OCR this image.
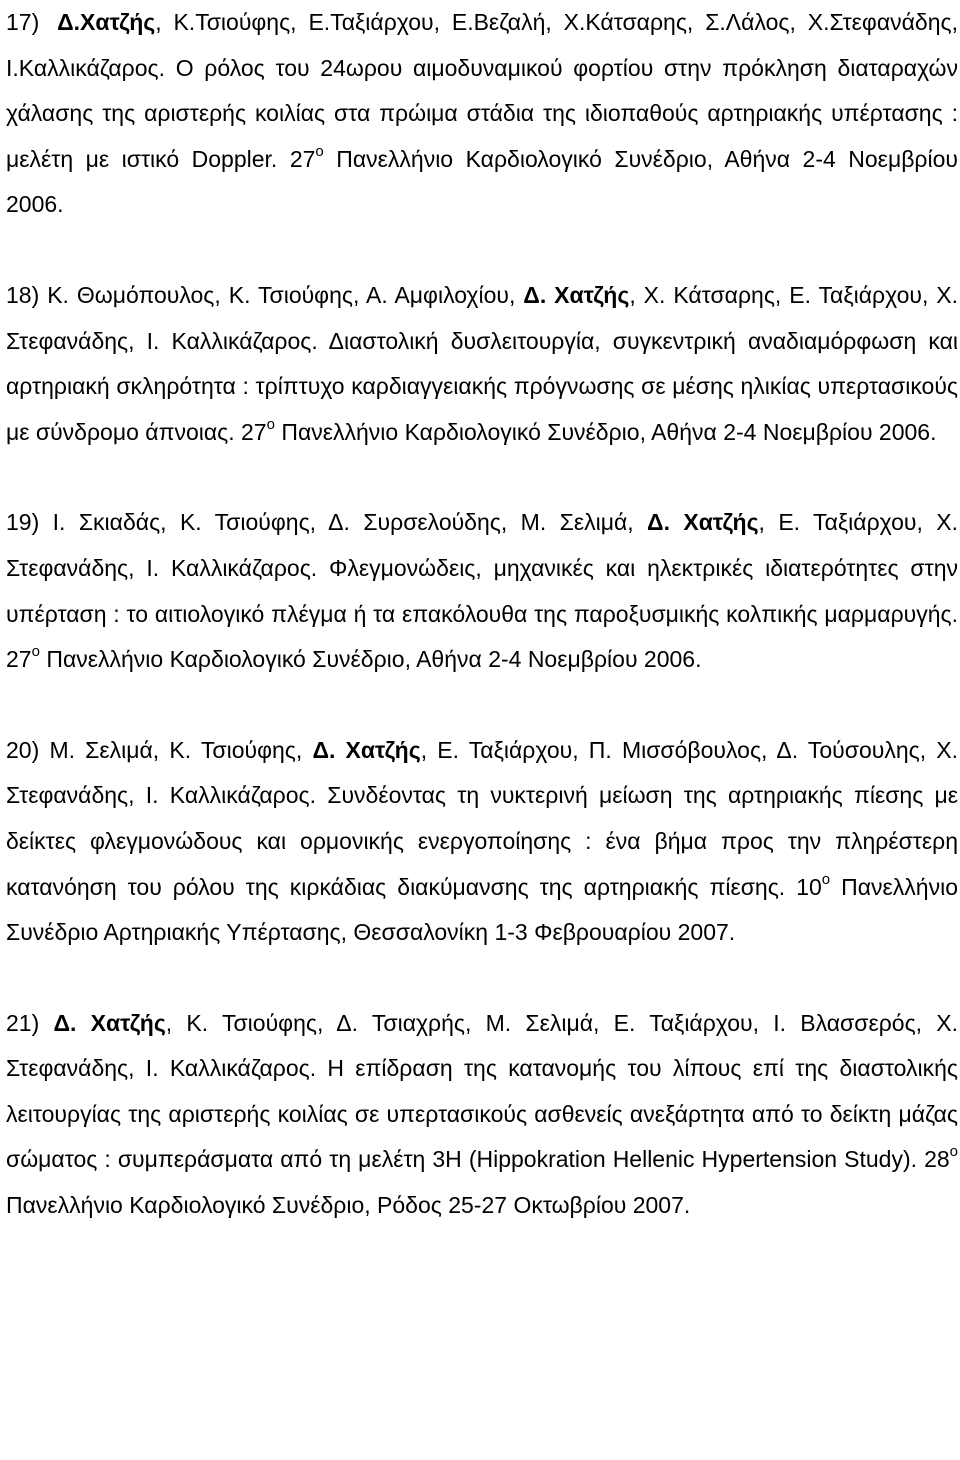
17) Δ.Χατζής, Κ.Τσιούφης, Ε.Ταξιάρχου, Ε.Βεζαλή, Χ.Κάτσαρης, Σ.Λάλος, Χ.Στεφανάδης, Ι.Καλλικάζαρος. Ο ρόλος του 24ωρου αιμοδυναμικού φορτίου στην πρόκληση διαταραχών χάλασης της αριστερής κοιλίας στα πρώιμα στάδια της ιδιοπαθούς αρτηριακής υπέρτασης : μελέτη με ιστικό Doppler. $27^o$ Πανελλήνιο Καρδιολογικό Συνέδριο, Αθήνα 2-4 Νοεμβρίου 2006.

18) Κ. Θωμόπουλος, Κ. Τσιούφης, Α. Αμφιλοχίου, Δ. Χατζής, Χ. Κάτσαρης, Ε. Ταξιάρχου, Χ. Στεφανάδης, Ι. Καλλικάζαρος. Διαστολική δυσλειτουργία, συγκεντρική αναδιαμόρφωση και αρτηριακή σκληρότητα : τρίπτυχο καρδιαγγειακής πρόγνωσης σε μέσης ηλικίας υπερτασικούς με σύνδρομο άπνοιας. $27^o$ Πανελλήνιο Καρδιολογικό Συνέδριο, Αθήνα 2-4 Νοεμβρίου 2006.

19) Ι. Σκιαδάς, Κ. Τσιούφης, Δ. Συρσελούδης, Μ. Σελιμά, Δ. Χατζής, Ε. Ταξιάρχου, Χ. Στεφανάδης, Ι. Καλλικάζαρος. Φλεγμονώδεις, μηχανικές και ηλεκτρικές ιδιατερότητες στην υπέρταση : το αιτιολογικό πλέγμα ή τα επακόλουθα της παροξυσμικής κολπικής μαρμαρυγής. $27^o$ Πανελλήνιο Καρδιολογικό Συνέδριο, Αθήνα 2-4 Νοεμβρίου 2006.

20) Μ. Σελιμά, Κ. Τσιούφης, Δ. Χατζής, Ε. Ταξιάρχου, Π. Μισσόβουλος, Δ. Τούσουλης, Χ. Στεφανάδης, Ι. Καλλικάζαρος. Συνδέοντας τη νυκτερινή μείωση της αρτηριακής πίεσης με δείκτες φλεγμονώδους και ορμονικής ενεργοποίησης : ένα βήμα προς την πληρέστερη κατανόηση του ρόλου της κιρκάδιας διακύμανσης της αρτηριακής πίεσης. $10^o$ Πανελλήνιο Συνέδριο Αρτηριακής Υπέρτασης, Θεσσαλονίκη 1-3 Φεβρουαρίου 2007.

21) Δ. Χατζής, Κ. Τσιούφης, Δ. Τσιαχρής, Μ. Σελιμά, Ε. Ταξιάρχου, Ι. Βλασσερός, Χ. Στεφανάδης, Ι. Καλλικάζαρος. Η επίδραση της κατανομής του λίπους επί της διαστολικής λειτουργίας της αριστερής κοιλίας σε υπερτασικούς ασθενείς ανεξάρτητα από το δείκτη μάζας σώματος : συμπεράσματα από τη μελέτη 3Η (Hippokration Hellenic Hypertension Study). $28^o$ Πανελλήνιο Καρδιολογικό Συνέδριο, Ρόδος 25-27 Οκτωβρίου 2007.
